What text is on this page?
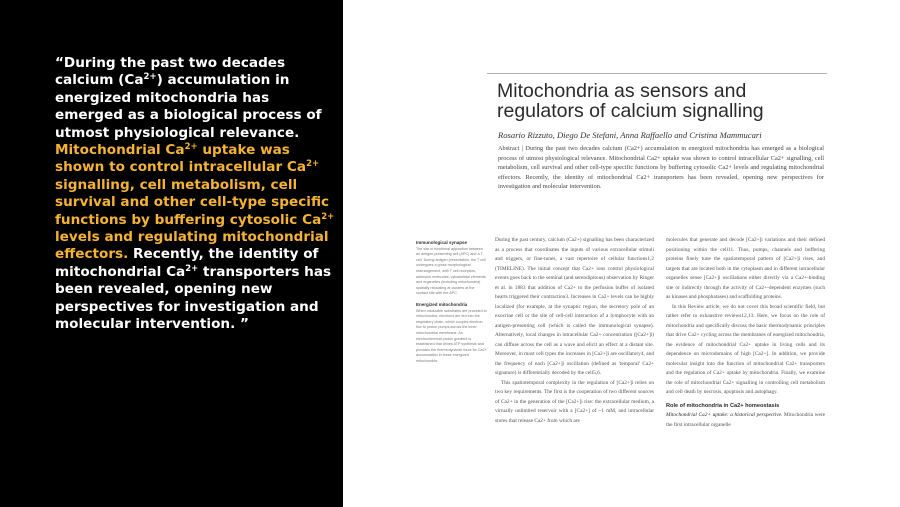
“During the past two decades calcium $(Ca^{2+})$ accumulation in energized mitochondria has emerged as a biological process of utmost physiological relevance. Mitochondrial $Ca^{2+}$ uptake was shown to control intracellular $Ca^{2+}$ signalling, cell metabolism, cell survival and other cell-type specific functions by buffering cytosolic $Ca^{2+}$ levels and regulating mitochondrial effectors. Recently, the identity of mitochondrial $Ca^{2+}$ transporters has been revealed, opening new perspectives for investigation and molecular intervention. ”

Mitochondria as sensors and regulators of calcium signalling
Rosario Rizzuto, Diego De Stefani, Anna Raffaello and Cristina Mammucari

Abstract | During the past two decades calcium (Ca2+) accumulation in energized mitochondria has emerged as a biological process of utmost physiological relevance. Mitochondrial Ca2+ uptake was shown to control intracellular Ca2+ signalling, cell metabolism, cell survival and other cell-type specific functions by buffering cytosolic Ca2+ levels and regulating mitochondrial effectors. Recently, the identity of mitochondrial Ca2+ transporters has been revealed, opening new perspectives for investigation and molecular intervention.

Immunological synapse
The site of functional apposition between an antigen-presenting cell (APC) and a T cell. During antigen presentation, the T cell undergoes a gross morphological rearrangement, with T cell receptors, adhesion molecules, cytoskeletal elements and organelles (including mitochondria) spatially relocating at clusters at the contact site with the APC.
Energized mitochondria
When oxidizable substrates are provided to mitochondria, electrons are fed into the respiratory chain, which couples electron flux to proton pumps across the inner mitochondrial membrane. An electrochemical proton gradient is established that drives ATP synthesis and provides the thermodynamic force for Ca2+ accumulation in these energized mitochondria.

During the past century, calcium (Ca2+) signalling has been characterized as a process that coordinates the inputs of various extracellular stimuli and triggers, or fine-tunes, a vast repertoire of cellular functions1,2 (TIMELINE). The initial concept that Ca2+ ions control physiological events goes back to the seminal (and serendipitous) observation by Ringer et al. in 1883 that addition of Ca2+ to the perfusion buffer of isolated hearts triggered their contraction3. Increases in Ca2+ levels can be highly localized (for example, at the synaptic region, the secretory pole of an exocrine cell or the site of cell-cell interaction of a lymphocyte with an antigen-presenting cell (which is called the immunological synapse). Alternatively, local changes in intracellular Ca2+ concentration ([Ca2+]i) can diffuse across the cell as a wave and elicit an effect at a distant site. Moreover, in most cell types the increases in [Ca2+]i are oscillatory4, and the frequency of each [Ca2+]i oscillation (defined as 'temporal' Ca2+ signature) is differentially decoded by the cell5,6.

This spatiotemporal complexity in the regulation of [Ca2+]i relies on two key requirements. The first is the cooperation of two different sources of Ca2+ in the generation of the [Ca2+]i rise: the extracellular medium, a virtually unlimited reservoir with a [Ca2+] of ~1 mM, and intracellular stores that release Ca2+ from which are

molecules that generate and decode [Ca2+]i variations and their defined positioning within the cell11. Thus, pumps, channels and buffering proteins finely tune the spatiotemporal pattern of [Ca2+]i rises, and targets that are located both in the cytoplasm and in different intracellular organelles sense [Ca2+]i oscillations either directly via a Ca2+-binding site or indirectly through the activity of Ca2+-dependent enzymes (such as kinases and phosphatases) and scaffolding proteins.

In this Review article, we do not cover this broad scientific field, but rather refer to exhaustive reviews12,13. Here, we focus on the role of mitochondria and specifically discuss the basic thermodynamic principles that drive Ca2+ cycling across the membranes of energized mitochondria, the evidence of mitochondrial Ca2+ uptake in living cells and its dependence on microdomains of high [Ca2+]. In addition, we provide molecular insight into the function of mitochondrial Ca2+ transporters and the regulation of Ca2+ uptake by mitochondria. Finally, we examine the role of mitochondrial Ca2+ signalling in controlling cell metabolism and cell death by necrosis, apoptosis and autophagy.

Role of mitochondria in Ca2+ homeostasis

Mitochondrial Ca2+ uptake: a historical perspective. Mitochondria were the first intracellular organelle
